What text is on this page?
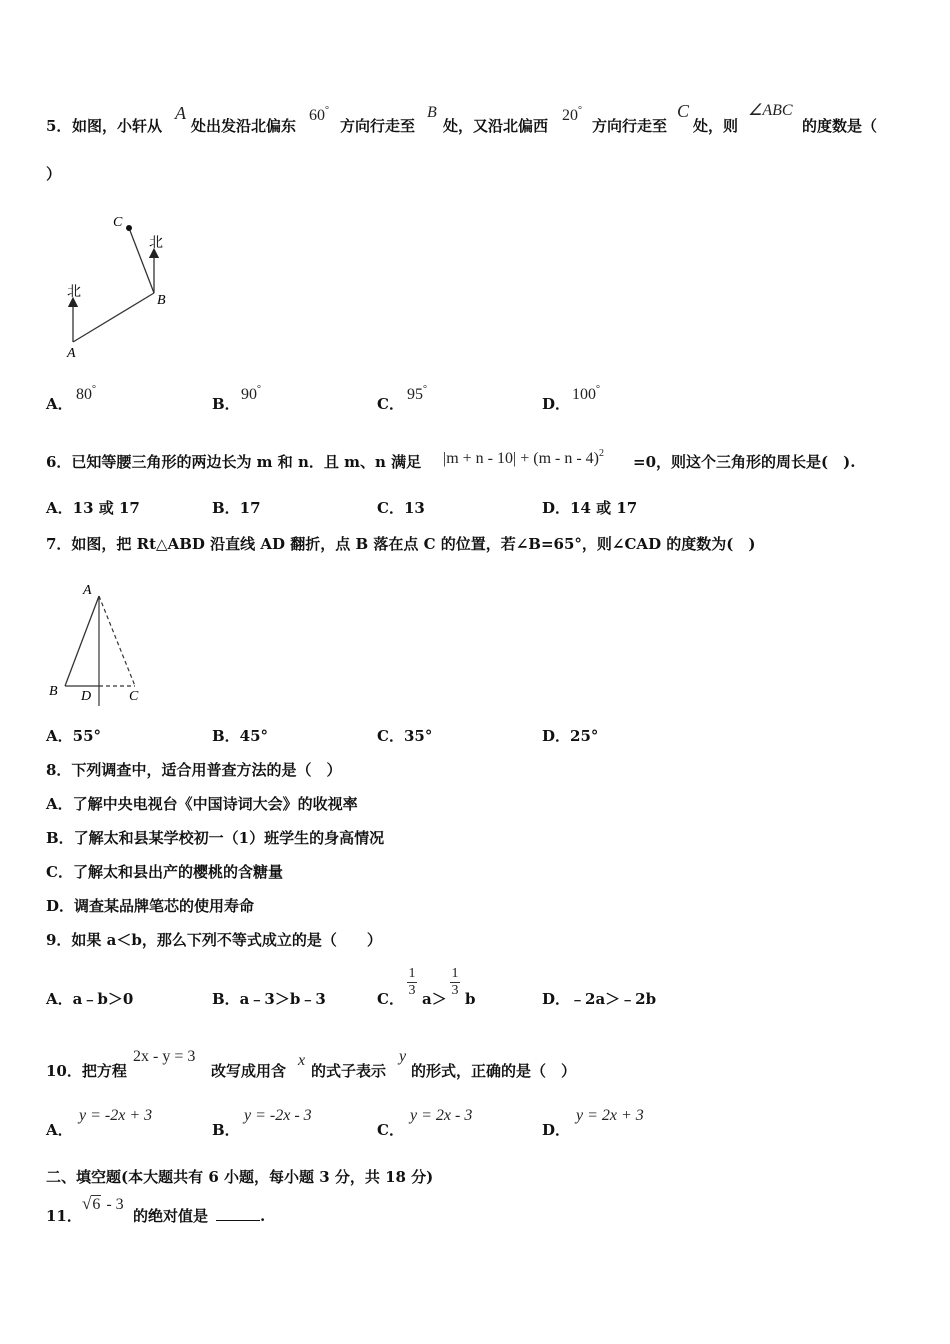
5． 如图，小轩从
A
处出发沿北偏东
60°
方向行走至
B
处，又沿北偏西
20°
方向行走至
C
处，则
∠ABC
的度数是（
）
北
北
A
B
C
A．
80°
B．
90°
C．
95°
D．
100°
6．已知等腰三角形的两边长为 m 和 n．且 m、n 满足 |m + n - 10| + (m - n - 4)$^2$ =0，则这个三角形的周长是(　).
A．13 或 17	B．17	C．13	D．14 或 17
7．如图，把 Rt△ABD 沿直线 AD 翻折，点 B 落在点 C 的位置，若∠B=65°，则∠CAD 的度数为(　)
A
B D	C
A．55°	B．45°	C．35°	D．25°
8．下列调查中，适合用普查方法的是（　）
A．了解中央电视台《中国诗词大会》的收视率
B．了解太和县某学校初一（1）班学生的身高情况
C．了解太和县出产的樱桃的含糖量
D．调查某品牌笔芯的使用寿命
9．如果 a＜b，那么下列不等式成立的是（　　）
A．a﹣b＞0	B．a﹣3＞b﹣3	C．
1
3 a＞
1
3 b	D．﹣2a＞﹣2b
10．把方程
2x - y = 3
改写成用含
x
的式子表示
y
的形式，正确的是（　）
A．
y = -2x + 3
B．
y = -2x - 3
C．
y = 2x - 3
D．
y = 2x + 3
二、填空题(本大题共有 6 小题，每小题 3 分，共 18 分)
11．
√6 - 3
的绝对值是	.
